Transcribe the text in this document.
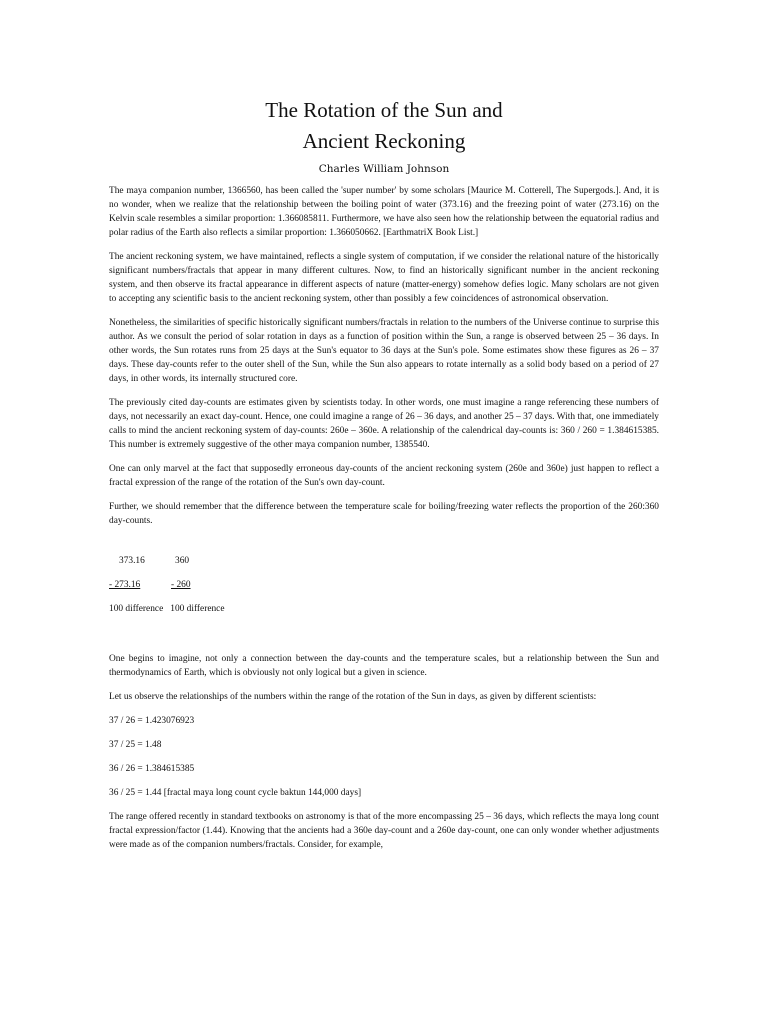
The Rotation of the Sun and
Ancient Reckoning
Charles William Johnson

The maya companion number, 1366560, has been called the 'super number' by some scholars [Maurice M. Cotterell, The Supergods.]. And, it is no wonder, when we realize that the relationship between the boiling point of water (373.16) and the freezing point of water (273.16) on the Kelvin scale resembles a similar proportion: 1.366085811. Furthermore, we have also seen how the relationship between the equatorial radius and polar radius of the Earth also reflects a similar proportion: 1.366050662. [EarthmatriX Book List.]

The ancient reckoning system, we have maintained, reflects a single system of computation, if we consider the relational nature of the historically significant numbers/fractals that appear in many different cultures. Now, to find an historically significant number in the ancient reckoning system, and then observe its fractal appearance in different aspects of nature (matter-energy) somehow defies logic. Many scholars are not given to accepting any scientific basis to the ancient reckoning system, other than possibly a few coincidences of astronomical observation.

Nonetheless, the similarities of specific historically significant numbers/fractals in relation to the numbers of the Universe continue to surprise this author. As we consult the period of solar rotation in days as a function of position within the Sun, a range is observed between 25 – 36 days. In other words, the Sun rotates runs from 25 days at the Sun's equator to 36 days at the Sun's pole. Some estimates show these figures as 26 – 37 days. These day-counts refer to the outer shell of the Sun, while the Sun also appears to rotate internally as a solid body based on a period of 27 days, in other words, its internally structured core.

The previously cited day-counts are estimates given by scientists today. In other words, one must imagine a range referencing these numbers of days, not necessarily an exact day-count. Hence, one could imagine a range of 26 – 36 days, and another 25 – 37 days. With that, one immediately calls to mind the ancient reckoning system of day-counts: 260e – 360e. A relationship of the calendrical day-counts is: 360 / 260 = 1.384615385. This number is extremely suggestive of the other maya companion number, 1385540.

One can only marvel at the fact that supposedly erroneous day-counts of the ancient reckoning system (260e and 360e) just happen to reflect a fractal expression of the range of the rotation of the Sun's own day-count.

Further, we should remember that the difference between the temperature scale for boiling/freezing water reflects the proportion of the 260:360 day-counts.

373.16	360
- 273.16	- 260

100 difference   100 difference

One begins to imagine, not only a connection between the day-counts and the temperature scales, but a relationship between the Sun and thermodynamics of Earth, which is obviously not only logical but a given in science.

Let us observe the relationships of the numbers within the range of the rotation of the Sun in days, as given by different scientists:

37 / 26 = 1.423076923

37 / 25 = 1.48

36 / 26 = 1.384615385

36 / 25 = 1.44 [fractal maya long count cycle baktun 144,000 days]

The range offered recently in standard textbooks on astronomy is that of the more encompassing 25 – 36 days, which reflects the maya long count fractal expression/factor (1.44). Knowing that the ancients had a 360e day-count and a 260e day-count, one can only wonder whether adjustments were made as of the companion numbers/fractals. Consider, for example,
